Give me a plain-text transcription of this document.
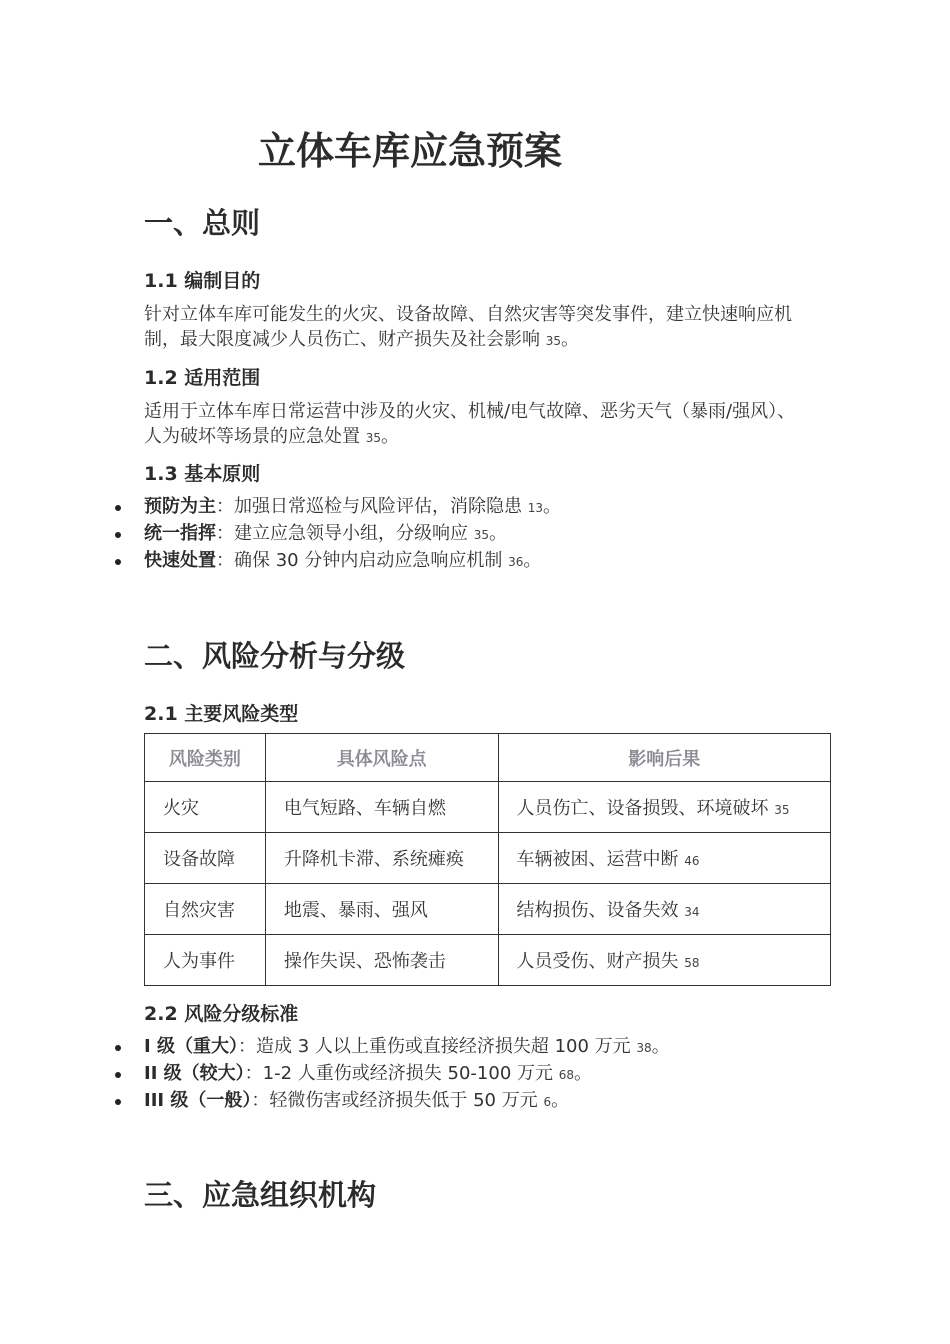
立体车库应急预案
一、总则
1.1 编制目的

针对立体车库可能发生的火灾、设备故障、自然灾害等突发事件，建立快速响应机制，最大限度减少人员伤亡、财产损失及社会影响 35。

1.2 适用范围

适用于立体车库日常运营中涉及的火灾、机械/电气故障、恶劣天气（暴雨/强风）、人为破坏等场景的应急处置 35。

1.3 基本原则
预防为主：加强日常巡检与风险评估，消除隐患 13。
统一指挥：建立应急领导小组，分级响应 35。
快速处置：确保 30 分钟内启动应急响应机制 36。
二、风险分析与分级
2.1 主要风险类型
风险类别	具体风险点	影响后果
火灾	电气短路、车辆自燃	人员伤亡、设备损毁、环境破坏 35
设备故障	升降机卡滞、系统瘫痪	车辆被困、运营中断 46
自然灾害	地震、暴雨、强风	结构损伤、设备失效 34
人为事件	操作失误、恐怖袭击	人员受伤、财产损失 58
2.2 风险分级标准
I 级（重大）：造成 3 人以上重伤或直接经济损失超 100 万元 38。
II 级（较大）：1-2 人重伤或经济损失 50-100 万元 68。
III 级（一般）：轻微伤害或经济损失低于 50 万元 6。
三、应急组织机构
